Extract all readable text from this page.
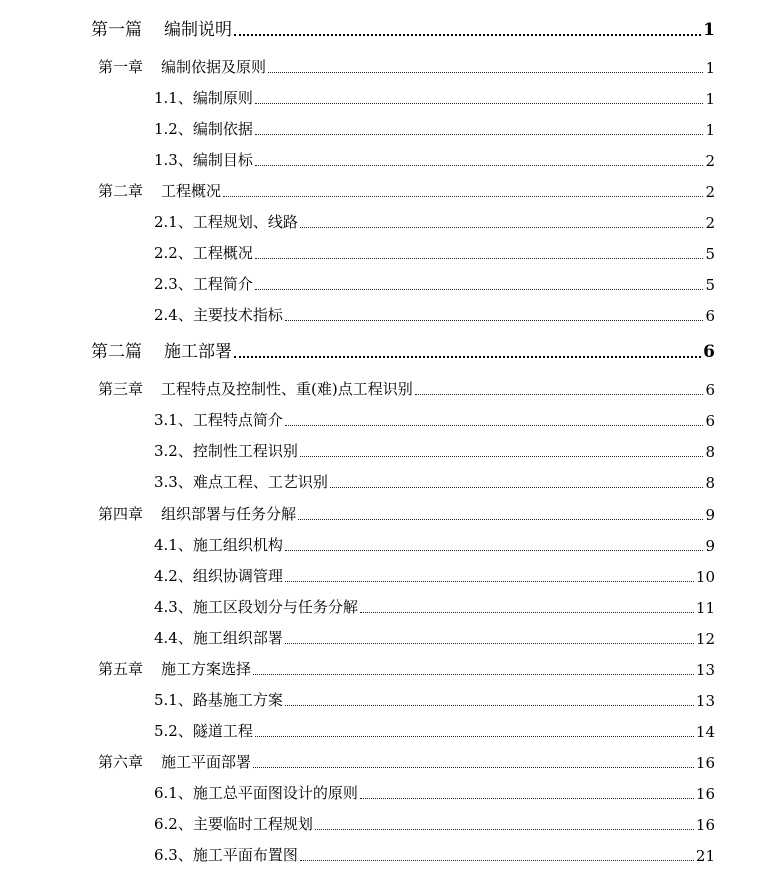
第一篇 编制说明	1
第一章 编制依据及原则	1
1.1、 编制原则	1
1.2、 编制依据	1
1.3、 编制目标	2
第二章 工程概况	2
2.1、 工程规划、线路	2
2.2、 工程概况	5
2.3、 工程简介	5
2.4、 主要技术指标	6
第二篇 施工部署	6
第三章 工程特点及控制性、重(难)点工程识别	6
3.1、 工程特点简介	6
3.2、 控制性工程识别	8
3.3、 难点工程、工艺识别	8
第四章 组织部署与任务分解	9
4.1、 施工组织机构	9
4.2、 组织协调管理	10
4.3、 施工区段划分与任务分解	11
4.4、 施工组织部署	12
第五章 施工方案选择	13
5.1、 路基施工方案	13
5.2、 隧道工程	14
第六章 施工平面部署	16
6.1、 施工总平面图设计的原则	16
6.2、 主要临时工程规划	16
6.3、 施工平面布置图	21
